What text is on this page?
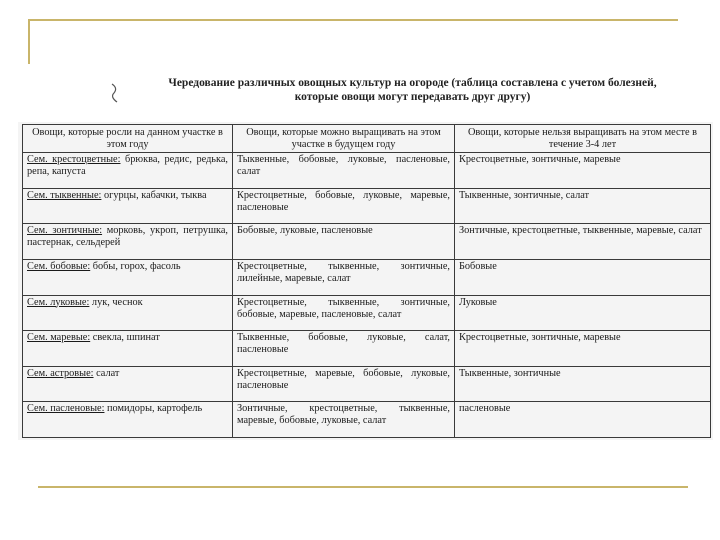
Чередование различных овощных культур на огороде (таблица составлена с учетом болезней,
которые овощи могут передавать друг другу)
Овощи, которые росли на данном участке в этом году	Овощи, которые можно выращивать на этом участке в будущем году	Овощи, которые нельзя выращивать на этом месте в течение 3-4 лет
Сем. крестоцветные: брюква, редис, редька, репа, капуста	Тыквенные, бобовые, луковые, пасленовые, салат	Крестоцветные, зонтичные, маревые
Сем. тыквенные: огурцы, кабачки, тыква	Крестоцветные, бобовые, луковые, маревые, пасленовые	Тыквенные, зонтичные, салат
Сем. зонтичные: морковь, укроп, петрушка, пастернак, сельдерей	Бобовые, луковые, пасленовые	Зонтичные, крестоцветные, тыквенные, маревые, салат
Сем. бобовые: бобы, горох, фасоль	Крестоцветные, тыквенные, зонтичные, лилейные, маревые, салат	Бобовые
Сем. луковые: лук, чеснок	Крестоцветные, тыквенные, зонтичные, бобовые, маревые, пасленовые, салат	Луковые
Сем. маревые: свекла, шпинат	Тыквенные, бобовые, луковые, салат, пасленовые	Крестоцветные, зонтичные, маревые
Сем. астровые: салат	Крестоцветные, маревые, бобовые, луковые, пасленовые	Тыквенные, зонтичные
Сем. пасленовые: помидоры, картофель	Зонтичные, крестоцветные, тыквенные, маревые, бобовые, луковые, салат	пасленовые
